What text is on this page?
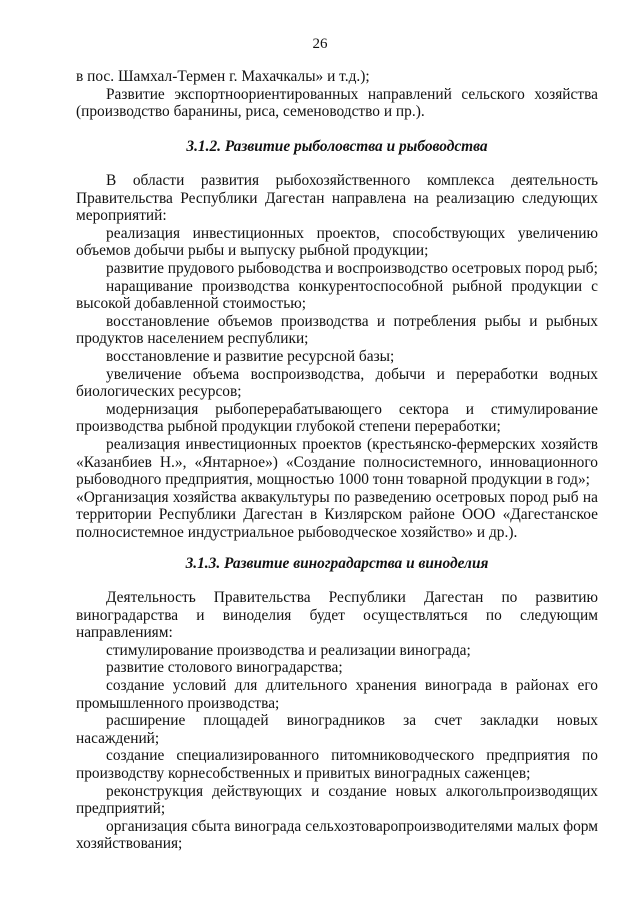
26

в пос. Шамхал-Термен г. Махачкалы» и т.д.);

Развитие экспортноориентированных направлений сельского хозяйства (производство баранины, риса, семеноводство и пр.).

3.1.2. Развитие рыболовства и рыбоводства

В области развития рыбохозяйственного комплекса деятельность Правительства Республики Дагестан направлена на реализацию следующих мероприятий:

реализация инвестиционных проектов, способствующих увеличению объемов добычи рыбы и выпуску рыбной продукции;

развитие прудового рыбоводства и воспроизводство осетровых пород рыб;

наращивание производства конкурентоспособной рыбной продукции с высокой добавленной стоимостью;

восстановление объемов производства и потребления рыбы и рыбных продуктов населением республики;

восстановление и развитие ресурсной базы;

увеличение объема воспроизводства, добычи и переработки водных биологических ресурсов;

модернизация рыбоперерабатывающего сектора и стимулирование производства рыбной продукции глубокой степени переработки;

реализация инвестиционных проектов (крестьянско-фермерских хозяйств «Казанбиев Н.», «Янтарное») «Создание полносистемного, инновационного рыбоводного предприятия, мощностью 1000 тонн товарной продукции в год»;

«Организация хозяйства аквакультуры по разведению осетровых пород рыб на территории Республики Дагестан в Кизлярском районе ООО «Дагестанское полносистемное индустриальное рыбоводческое хозяйство» и др.).

3.1.3. Развитие виноградарства и виноделия

Деятельность Правительства Республики Дагестан по развитию виноградарства и виноделия будет осуществляться по следующим направлениям:

стимулирование производства и реализации винограда;

развитие столового виноградарства;

создание условий для длительного хранения винограда в районах его промышленного производства;

расширение площадей виноградников за счет закладки новых насаждений;

создание специализированного питомниководческого предприятия по производству корнесобственных и привитых виноградных саженцев;

реконструкция действующих и создание новых алкогольпроизводящих предприятий;

организация сбыта винограда сельхозтоваропроизводителями малых форм хозяйствования;
